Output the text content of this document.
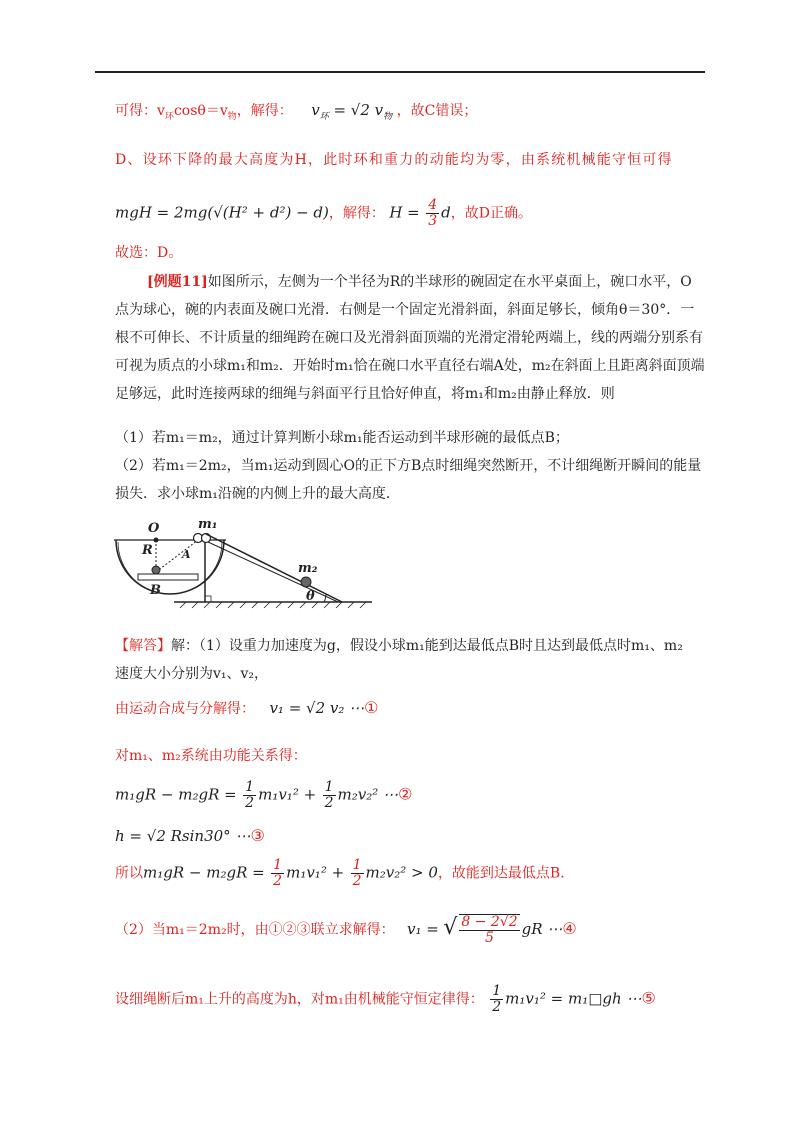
可得：$v_环\cos\theta=v_物$，解得： $v_环 = √2$ $v_物$ ，故C错误；
D、设环下降的最大高度为H，此时环和重力的动能均为零，由系统机械能守恒可得
mgH = 2mg(√(H² + d²) − d)，解得： $H = \frac{4}{3}$ d，故D正确。
故选：D。
[例题11]如图所示，左侧为一个半径为R的半球形的碗固定在水平桌面上，碗口水平，O点为球心，碗的内表面及碗口光滑．右侧是一个固定光滑斜面，斜面足够长，倾角θ＝30°．一根不可伸长、不计质量的细绳跨在碗口及光滑斜面顶端的光滑定滑轮两端上，线的两端分别系有可视为质点的小球m₁和m₂．开始时m₁恰在碗口水平直径右端A处，m₂在斜面上且距离斜面顶端足够远，此时连接两球的细绳与斜面平行且恰好伸直，将m₁和m₂由静止释放．则
（1）若m₁＝m₂，通过计算判断小球m₁能否运动到半球形碗的最低点B；
（2）若m₁＝2m₂，当m₁运动到圆心O的正下方B点时细绳突然断开，不计细绳断开瞬间的能量损失．求小球m₁沿碗的内侧上升的最大高度．
O
R	A
B
m₁
m₂
θ
【解答】解：（1）设重力加速度为g，假设小球m₁能到达最低点B时且达到最低点时m₁、m₂
速度大小分别为v₁、v₂，
由运动合成与分解得： v₁ = √2 v₂ ⋯①
对m₁、m₂系统由功能关系得：
$m_1gR - m_2gR = \frac{1}{2} m_1v_1^2 + \frac{1}{2} m_2v_2^2$ ⋯②
h = √2 Rsin30° ⋯③
所以$m_1gR - m_2gR = \frac{1}{2} m_1v_1^2 + \frac{1}{2} m_2v_2^2 > 0$，故能到达最低点B.
（2）当m₁＝2m₂时，由①②③联立求解得： v₁ = √ $\frac{8 - 2√2}{5}$ gR ⋯④
设细绳断后m₁上升的高度为h，对m₁由机械能守恒定律得： $\frac{1}{2} m_1v_1^2$ = m₁□gh ⋯⑤
